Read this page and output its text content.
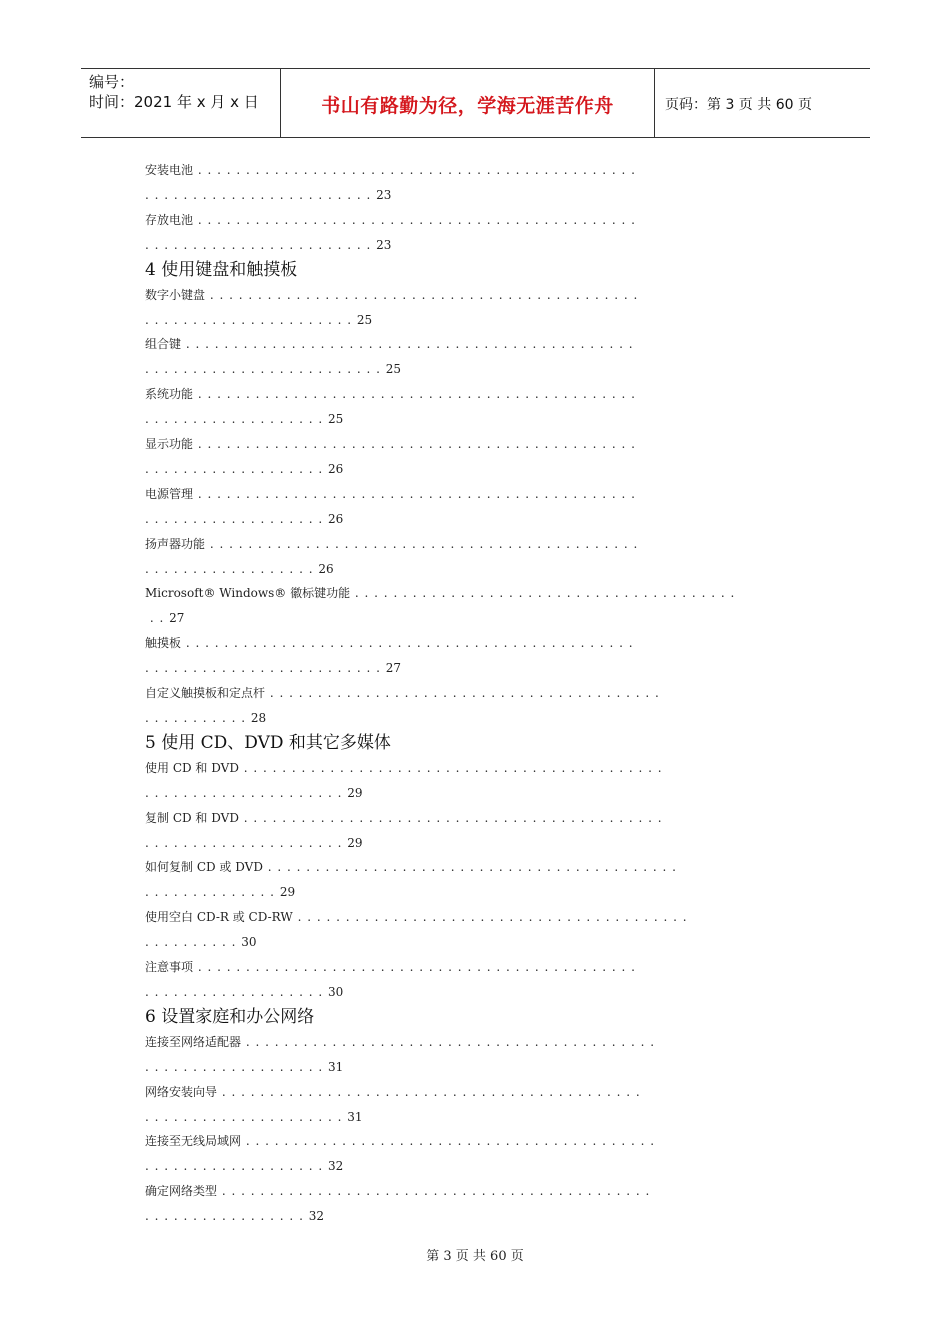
编号：
时间：2021 年 x 月 x 日	书山有路勤为径，学海无涯苦作舟	页码：第 3 页 共 60 页
安装电池 . . . . . . . . . . . . . . . . . . . . . . . . . . . . . . . . . . . . . . . . . . . . . .
. . . . . . . . . . . . . . . . . . . . . . . . 23
存放电池 . . . . . . . . . . . . . . . . . . . . . . . . . . . . . . . . . . . . . . . . . . . . . .
. . . . . . . . . . . . . . . . . . . . . . . . 23
4 使用键盘和触摸板
数字小键盘 . . . . . . . . . . . . . . . . . . . . . . . . . . . . . . . . . . . . . . . . . . . . .
. . . . . . . . . . . . . . . . . . . . . . 25
组合键 . . . . . . . . . . . . . . . . . . . . . . . . . . . . . . . . . . . . . . . . . . . . . . .
. . . . . . . . . . . . . . . . . . . . . . . . . 25
系统功能 . . . . . . . . . . . . . . . . . . . . . . . . . . . . . . . . . . . . . . . . . . . . . .
. . . . . . . . . . . . . . . . . . . 25
显示功能 . . . . . . . . . . . . . . . . . . . . . . . . . . . . . . . . . . . . . . . . . . . . . .
. . . . . . . . . . . . . . . . . . . 26
电源管理 . . . . . . . . . . . . . . . . . . . . . . . . . . . . . . . . . . . . . . . . . . . . . .
. . . . . . . . . . . . . . . . . . . 26
扬声器功能 . . . . . . . . . . . . . . . . . . . . . . . . . . . . . . . . . . . . . . . . . . . . .
. . . . . . . . . . . . . . . . . . 26
Microsoft® Windows® 徽标键功能 . . . . . . . . . . . . . . . . . . . . . . . . . . . . . . . . . . . . . . . .
. . 27
触摸板 . . . . . . . . . . . . . . . . . . . . . . . . . . . . . . . . . . . . . . . . . . . . . . .
. . . . . . . . . . . . . . . . . . . . . . . . . 27
自定义触摸板和定点杆 . . . . . . . . . . . . . . . . . . . . . . . . . . . . . . . . . . . . . . . . .
. . . . . . . . . . . 28
5 使用 CD、DVD 和其它多媒体
使用 CD 和 DVD . . . . . . . . . . . . . . . . . . . . . . . . . . . . . . . . . . . . . . . . . . . .
. . . . . . . . . . . . . . . . . . . . . 29
复制 CD 和 DVD . . . . . . . . . . . . . . . . . . . . . . . . . . . . . . . . . . . . . . . . . . . .
. . . . . . . . . . . . . . . . . . . . . 29
如何复制 CD 或 DVD . . . . . . . . . . . . . . . . . . . . . . . . . . . . . . . . . . . . . . . . . . .
. . . . . . . . . . . . . . 29
使用空白 CD-R 或 CD-RW . . . . . . . . . . . . . . . . . . . . . . . . . . . . . . . . . . . . . . . . .
. . . . . . . . . . 30
注意事项 . . . . . . . . . . . . . . . . . . . . . . . . . . . . . . . . . . . . . . . . . . . . . .
. . . . . . . . . . . . . . . . . . . 30
6 设置家庭和办公网络
连接至网络适配器 . . . . . . . . . . . . . . . . . . . . . . . . . . . . . . . . . . . . . . . . . . .
. . . . . . . . . . . . . . . . . . . 31
网络安装向导 . . . . . . . . . . . . . . . . . . . . . . . . . . . . . . . . . . . . . . . . . . . .
. . . . . . . . . . . . . . . . . . . . . 31
连接至无线局域网 . . . . . . . . . . . . . . . . . . . . . . . . . . . . . . . . . . . . . . . . . . .
. . . . . . . . . . . . . . . . . . . 32
确定网络类型 . . . . . . . . . . . . . . . . . . . . . . . . . . . . . . . . . . . . . . . . . . . . .
. . . . . . . . . . . . . . . . . 32
第 3 页 共 60 页
